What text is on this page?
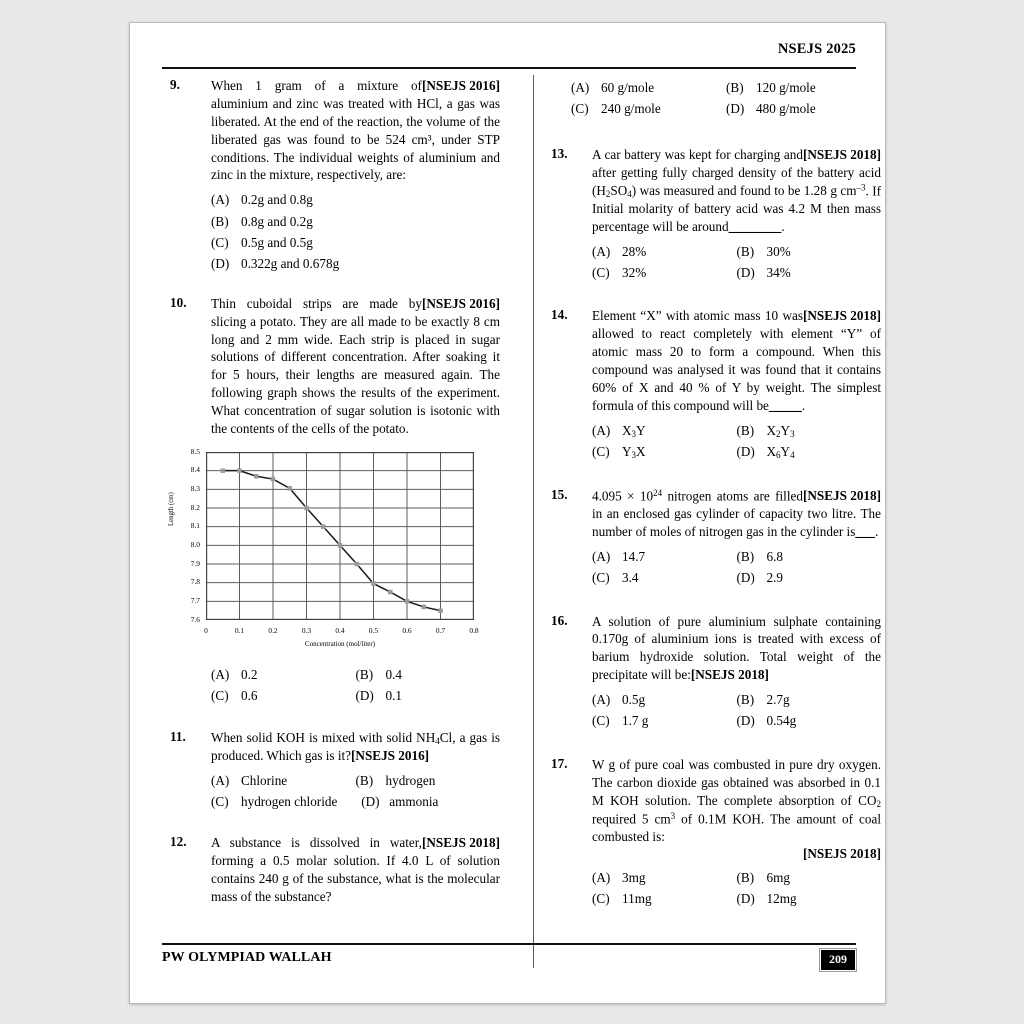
NSEJS 2025
9.	[NSEJS 2016]
When 1 gram of a mixture of aluminium and zinc was treated with HCl, a gas was liberated. At the end of the reaction, the volume of the liberated gas was found to be 524 cm³, under STP conditions. The individual weights of aluminium and zinc in the mixture, respectively, are:
(A) 0.2g and 0.8g
(B) 0.8g and 0.2g
(C) 0.5g and 0.5g
(D) 0.322g and 0.678g
10.	[NSEJS 2016]
Thin cuboidal strips are made by slicing a potato. They are all made to be exactly 8 cm long and 2 mm wide. Each strip is placed in sugar solutions of different concentration. After soaking it for 5 hours, their lengths are measured again. The following graph shows the results of the experiment. What concentration of sugar solution is isotonic with the contents of the cells of the potato.
Length (cm)
8.5
8.4
8.3
8.2
8.1
8.0
7.9
7.8
7.7
7.6
0	0.1	0.2	0.3	0.4	0.5	0.6	0.7	0.8
Concentration (mol/liter)
(A) 0.2	(B) 0.4
(C) 0.6	(D) 0.1
11.	When solid KOH is mixed with solid $NH_4Cl$, a gas is produced. Which gas is it?[NSEJS 2016]
(A) Chlorine	(B) hydrogen
(C) hydrogen chloride	(D) ammonia
12.	[NSEJS 2018]
A substance is dissolved in water, forming a 0.5 molar solution. If 4.0 L of solution contains 240 g of the substance, what is the molecular mass of the substance?
(A) 60 g/mole	(B) 120 g/mole
(C) 240 g/mole	(D) 480 g/mole
13.	[NSEJS 2018]
A car battery was kept for charging and after getting fully charged density of the battery acid $(H_2SO_4)$ was measured and found to be 1.28 g $cm^{-3}$. If Initial molarity of battery acid was 4.2 M then mass percentage will be around________.
(A) 28%	(B) 30%
(C) 32%	(D) 34%
14.	[NSEJS 2018]
Element “X” with atomic mass 10 was allowed to react completely with element “Y” of atomic mass 20 to form a compound. When this compound was analysed it was found that it contains 60% of X and 40 % of Y by weight. The simplest formula of this compound will be_____.
(A) $X_3Y$	(B) $X_2Y_3$
(C) $Y_3X$	(D) $X_6Y_4$
15.	[NSEJS 2018]
$4.095 \times 10^{24}$ nitrogen atoms are filled in an enclosed gas cylinder of capacity two litre. The number of moles of nitrogen gas in the cylinder is___.
(A) 14.7	(B) 6.8
(C) 3.4	(D) 2.9
16.	A solution of pure aluminium sulphate containing 0.170g of aluminium ions is treated with excess of barium hydroxide solution. Total weight of the precipitate will be:[NSEJS 2018]
(A) 0.5g	(B) 2.7g
(C) 1.7 g	(D) 0.54g
17.	W g of pure coal was combusted in pure dry oxygen. The carbon dioxide gas obtained was absorbed in 0.1 M KOH solution. The complete absorption of $CO_2$ required 5 $cm^3$ of 0.1M KOH. The amount of coal combusted is:
[NSEJS 2018]
(A) 3mg	(B) 6mg
(C) 11mg	(D) 12mg
PW OLYMPIAD WALLAH	209
